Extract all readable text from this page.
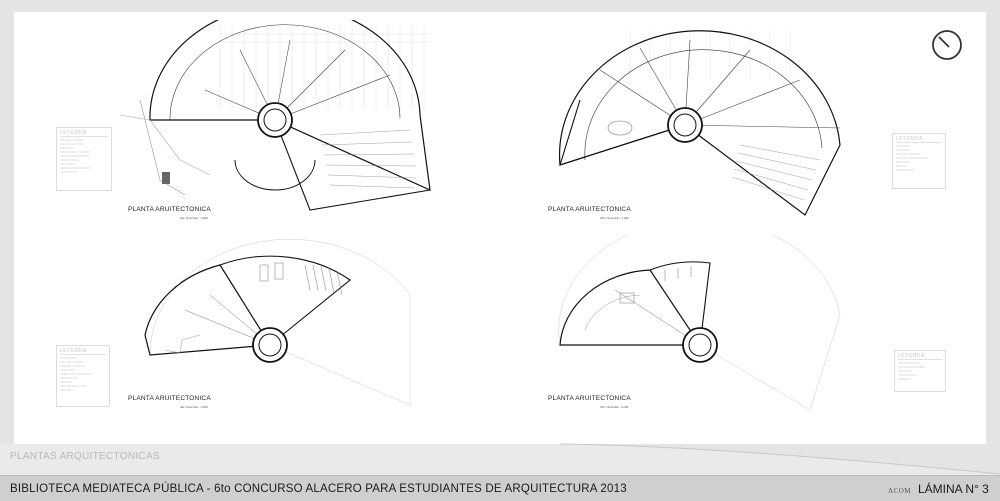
PLANTA ARUITECTONICA
1Er. Nivel Esc. 1:200
LEYENDA
SALA DE LECTURA
SALA DE LECTURA
AUDITORIO
RECEPCION Y CONTROL
AREA ADMINISTRATIVA
HEMEROTECA
CAFETERIA
SERVICIOS SANITARIOS
CIRCULACION
PLANTA ARUITECTONICA
2Do. Nivel Esc. 1:200
LEYENDA
MEDIATECA
LUDOTECA
SALA DE INTERNET
SALA DE CONFERENCIAS
SERVICIOS
BODEGA
CIRCULACION
PLANTA ARUITECTONICA
3Er. Nivel Esc. 1:200
LEYENDA
ESTANTERIA
SALA DE LECTURA
AREA DE COMPUTO
SERVICIOS
CUBICULOS DE ESTUDIO
CIRCULACION
TERRAZA
AREA DE DESCANSO
VESTIBULO
PLANTA ARUITECTONICA
4To. Nivel Esc. 1:200
LEYENDA
ADMINISTRACION
SALA DE REUNIONES
SERVICIOS
CIRCULACION
TERRAZA
PLANTAS ARQUITECTONICAS
BIBLIOTECA MEDIATECA PÚBLICA - 6to CONCURSO ALACERO PARA ESTUDIANTES DE ARQUITECTURA 2013	ACOM LÁMINA N° 3
